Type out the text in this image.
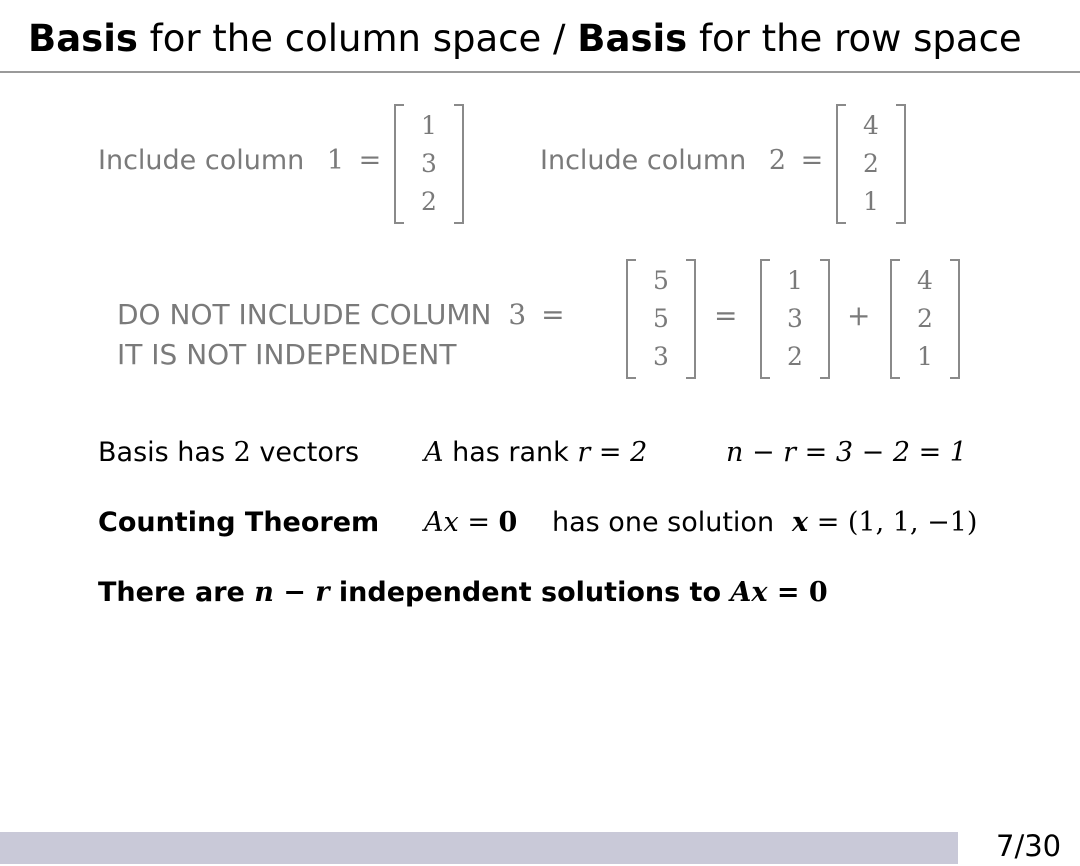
Basis for the column space / Basis for the row space
Include column 1 =
1
3
2
Include column 2 =
4
2
1
DO NOT INCLUDE COLUMN 3 =
IT IS NOT INDEPENDENT
5
5
3
=
1
3
2
+
4
2
1
Basis has 2 vectors A has rank r = 2	n − r = 3 − 2 = 1
Counting Theorem Ax = 0 has one solution x = (1, 1, −1)
There are n − r independent solutions to Ax = 0
7/30
